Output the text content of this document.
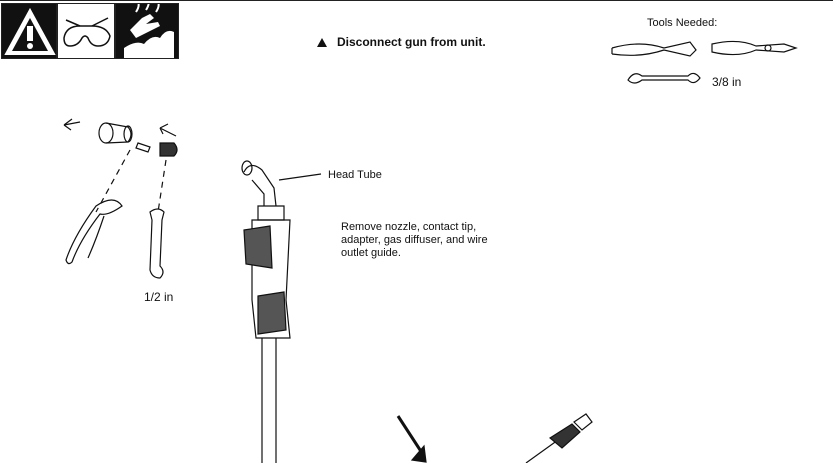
Disconnect gun from unit.
Tools Needed:
3/8 in
1/2 in
Head Tube
Remove nozzle, contact tip,
adapter, gas diffuser, and wire
outlet guide.
